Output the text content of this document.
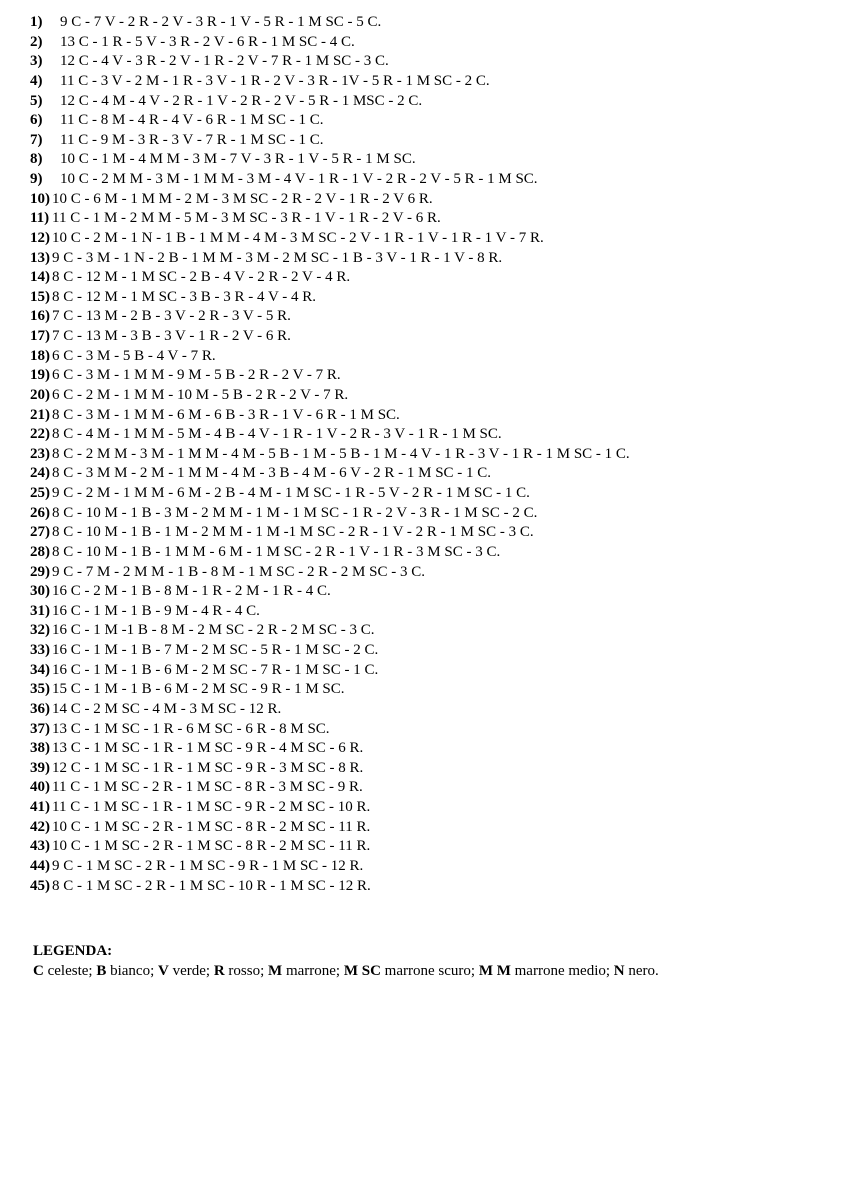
1)	9 C - 7 V - 2 R - 2 V - 3 R - 1 V - 5 R - 1 M SC - 5 C.
2)	13 C - 1 R - 5 V - 3 R - 2 V - 6 R - 1 M SC - 4 C.
3)	12 C - 4 V - 3 R - 2 V - 1 R - 2 V - 7 R - 1 M SC - 3 C.
4)	11 C - 3 V - 2 M - 1 R - 3 V - 1 R - 2 V - 3 R - 1V - 5 R - 1 M SC - 2 C.
5)	12 C - 4 M - 4 V - 2 R - 1 V - 2 R - 2 V - 5 R - 1 MSC - 2 C.
6)	11 C - 8 M - 4 R - 4 V - 6 R - 1 M SC - 1 C.
7)	11 C - 9 M - 3 R - 3 V - 7 R - 1 M SC - 1 C.
8)	10 C - 1 M - 4 M M - 3 M - 7 V - 3 R - 1 V - 5 R - 1 M SC.
9)	10 C - 2 M M - 3 M - 1 M M - 3 M - 4 V - 1 R - 1 V - 2 R - 2 V - 5 R - 1 M SC.
10) 10 C - 6 M - 1 M M - 2 M - 3 M SC - 2 R - 2 V - 1 R - 2 V 6 R.
11) 11 C - 1 M - 2 M M - 5 M - 3 M SC - 3 R - 1 V - 1 R - 2 V - 6 R.
12) 10 C - 2 M - 1 N - 1 B - 1 M M - 4 M - 3 M SC - 2 V - 1 R - 1 V - 1 R - 1 V - 7 R.
13) 9 C - 3 M - 1 N - 2 B - 1 M M - 3 M - 2 M SC - 1 B - 3 V - 1 R - 1 V - 8 R.
14) 8 C - 12 M - 1 M SC - 2 B - 4 V - 2 R - 2 V - 4 R.
15) 8 C - 12 M - 1 M SC - 3 B - 3 R - 4 V - 4 R.
16) 7 C - 13 M - 2 B - 3 V - 2 R - 3 V - 5 R.
17) 7 C - 13 M - 3 B - 3 V - 1 R - 2 V - 6 R.
18) 6 C - 3 M - 5 B - 4 V - 7 R.
19) 6 C - 3 M - 1 M M - 9 M - 5 B - 2 R - 2 V - 7 R.
20) 6 C - 2 M - 1 M M - 10 M - 5 B - 2 R - 2 V - 7 R.
21) 8 C - 3 M - 1 M M - 6 M - 6 B - 3 R - 1 V - 6 R - 1 M SC.
22) 8 C - 4 M - 1 M M - 5 M - 4 B - 4 V - 1 R - 1 V - 2 R - 3 V - 1 R - 1 M SC.
23) 8 C - 2 M M - 3 M - 1 M M - 4 M - 5 B - 1 M - 5 B - 1 M - 4 V - 1 R - 3 V - 1 R - 1 M SC - 1 C.
24) 8 C - 3 M M - 2 M - 1 M M - 4 M - 3 B - 4 M - 6 V - 2 R - 1 M SC - 1 C.
25) 9 C - 2 M - 1 M M - 6 M - 2 B - 4 M - 1 M SC - 1 R - 5 V - 2 R - 1 M SC - 1 C.
26) 8 C - 10 M - 1 B - 3 M - 2 M M - 1 M - 1 M SC - 1 R - 2 V - 3 R - 1 M SC - 2 C.
27) 8 C - 10 M - 1 B - 1 M - 2 M M - 1 M -1 M SC - 2 R - 1 V - 2 R - 1 M SC - 3 C.
28) 8 C - 10 M - 1 B - 1 M M - 6 M - 1 M SC - 2 R - 1 V - 1 R - 3 M SC - 3 C.
29) 9 C - 7 M - 2 M M - 1 B - 8 M - 1 M SC - 2 R - 2 M SC - 3 C.
30) 16 C - 2 M - 1 B - 8 M - 1 R - 2 M - 1 R - 4 C.
31) 16 C - 1 M - 1 B - 9 M - 4 R - 4 C.
32) 16 C - 1 M -1 B - 8 M - 2 M SC - 2 R - 2 M SC - 3 C.
33) 16 C - 1 M - 1 B - 7 M - 2 M SC - 5 R - 1 M SC - 2 C.
34) 16 C - 1 M - 1 B - 6 M - 2 M SC - 7 R - 1 M SC - 1 C.
35) 15 C - 1 M - 1 B - 6 M - 2 M SC - 9 R - 1 M SC.
36) 14 C - 2 M SC - 4 M - 3 M SC - 12 R.
37) 13 C - 1 M SC - 1 R - 6 M SC - 6 R - 8 M SC.
38) 13 C - 1 M SC - 1 R - 1 M SC - 9 R - 4 M SC - 6 R.
39) 12 C - 1 M SC - 1 R - 1 M SC - 9 R - 3 M SC - 8 R.
40) 11 C - 1 M SC - 2 R - 1 M SC - 8 R - 3 M SC - 9 R.
41) 11 C - 1 M SC - 1 R - 1 M SC - 9 R - 2 M SC - 10 R.
42) 10 C - 1 M SC - 2 R - 1 M SC - 8 R - 2 M SC - 11 R.
43) 10 C - 1 M SC - 2 R - 1 M SC - 8 R - 2 M SC - 11 R.
44) 9 C - 1 M SC - 2 R - 1 M SC - 9 R - 1 M SC - 12 R.
45) 8 C - 1 M SC - 2 R - 1 M SC - 10 R - 1 M SC - 12 R.
LEGENDA:
C celeste; B bianco; V verde; R rosso; M marrone; M SC marrone scuro; M M marrone medio; N nero.
